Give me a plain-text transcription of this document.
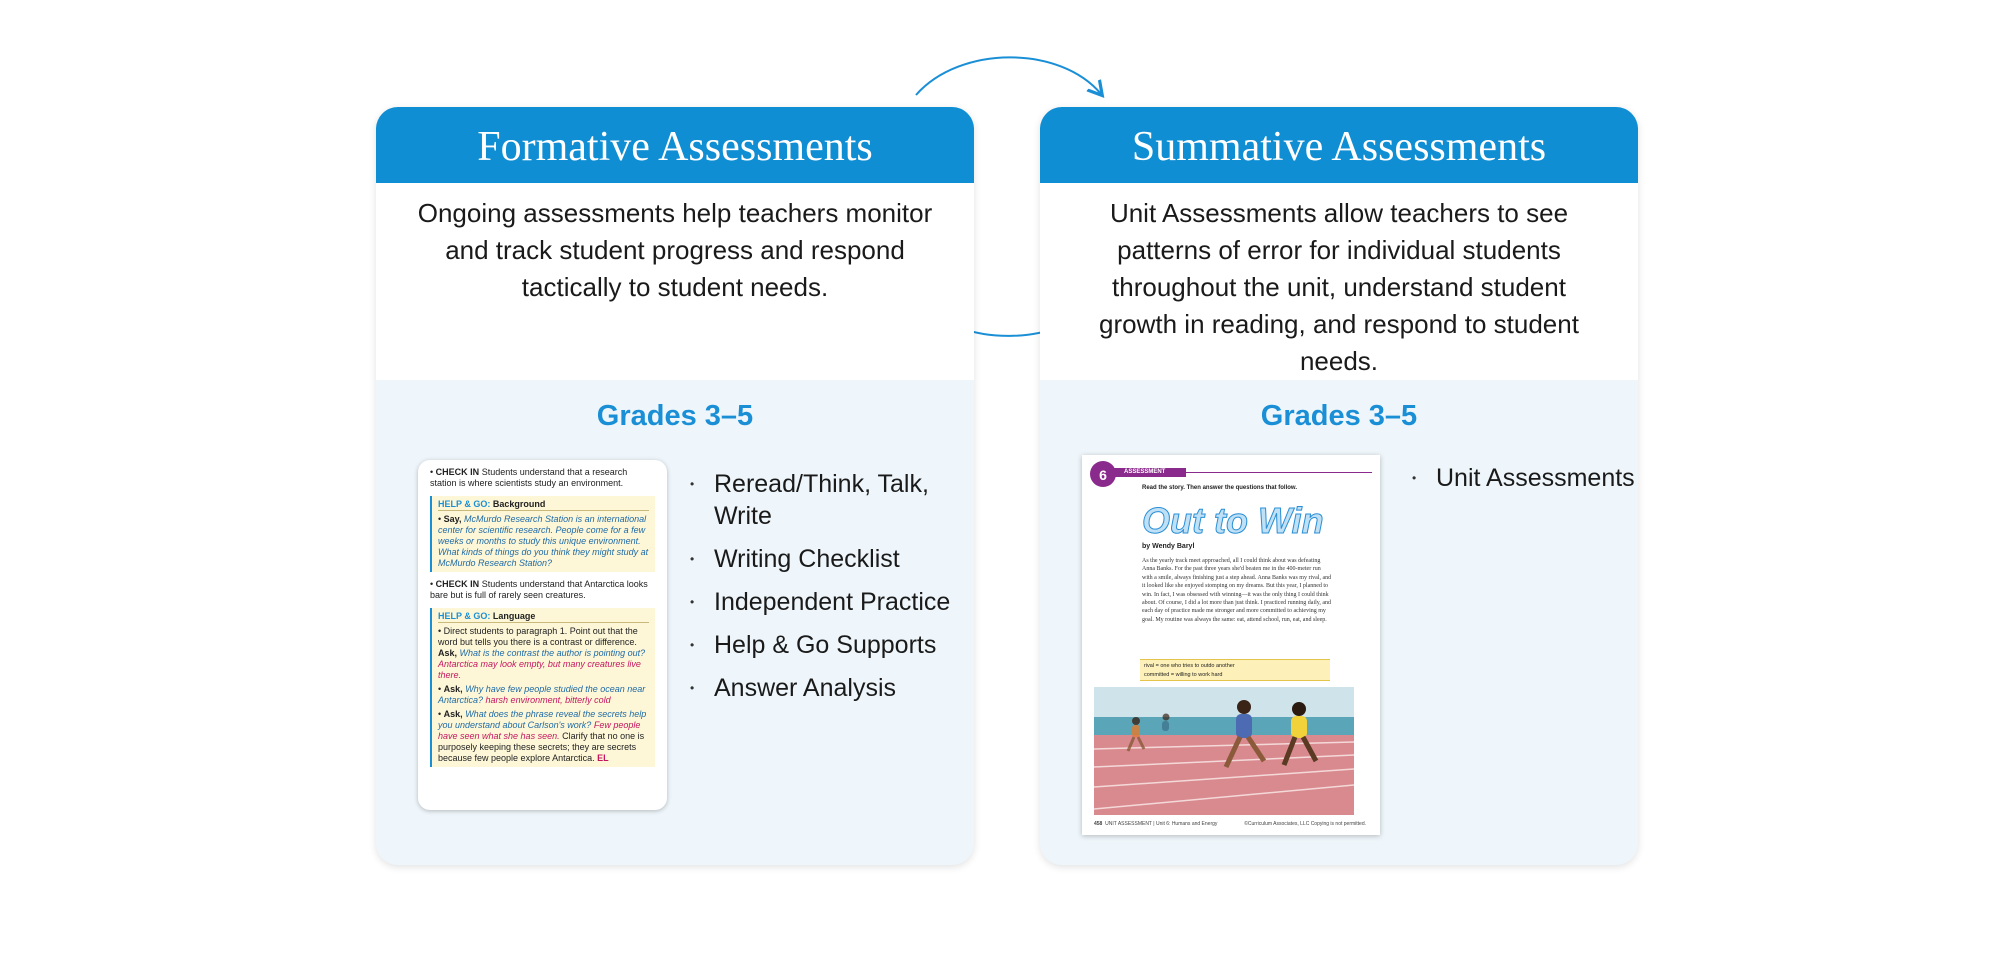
Formative Assessments
Ongoing assessments help teachers monitor and track student progress and respond tactically to student needs.
Grades 3–5
• CHECK IN Students understand that a research station is where scientists study an environment.
HELP & GO: Background
• Say, McMurdo Research Station is an international center for scientific research. People come for a few weeks or months to study this unique environment. What kinds of things do you think they might study at McMurdo Research Station?
• CHECK IN Students understand that Antarctica looks bare but is full of rarely seen creatures.
HELP & GO: Language
• Direct students to paragraph 1. Point out that the word but tells you there is a contrast or difference. Ask, What is the contrast the author is pointing out? Antarctica may look empty, but many creatures live there.
• Ask, Why have few people studied the ocean near Antarctica? harsh environment, bitterly cold
• Ask, What does the phrase reveal the secrets help you understand about Carlson's work? Few people have seen what she has seen. Clarify that no one is purposely keeping these secrets; they are secrets because few people explore Antarctica. EL
• Reread/Think, Talk, Write
• Writing Checklist
• Independent Practice
• Help & Go Supports
• Answer Analysis
Summative Assessments
Unit Assessments allow teachers to see patterns of error for individual students throughout the unit, understand student growth in reading, and respond to student needs.
Grades 3–5
6	ASSESSMENT
Read the story. Then answer the questions that follow.
Out to Win
by Wendy Baryl
As the yearly track meet approached, all I could think about was defeating Anna Banks. For the past three years she'd beaten me in the 400-meter run with a smile, always finishing just a step ahead. Anna Banks was my rival, and it looked like she enjoyed stomping on my dreams. But this year, I planned to win. In fact, I was obsessed with winning—it was the only thing I could think about. Of course, I did a lot more than just think. I practiced running daily, and each day of practice made me stronger and more committed to achieving my goal. My routine was always the same: eat, attend school, run, eat, and sleep.
rival = one who tries to outdo another
committed = willing to work hard
458 UNIT ASSESSMENT | Unit 6: Humans and Energy	©Curriculum Associates, LLC Copying is not permitted.
• Unit Assessments
